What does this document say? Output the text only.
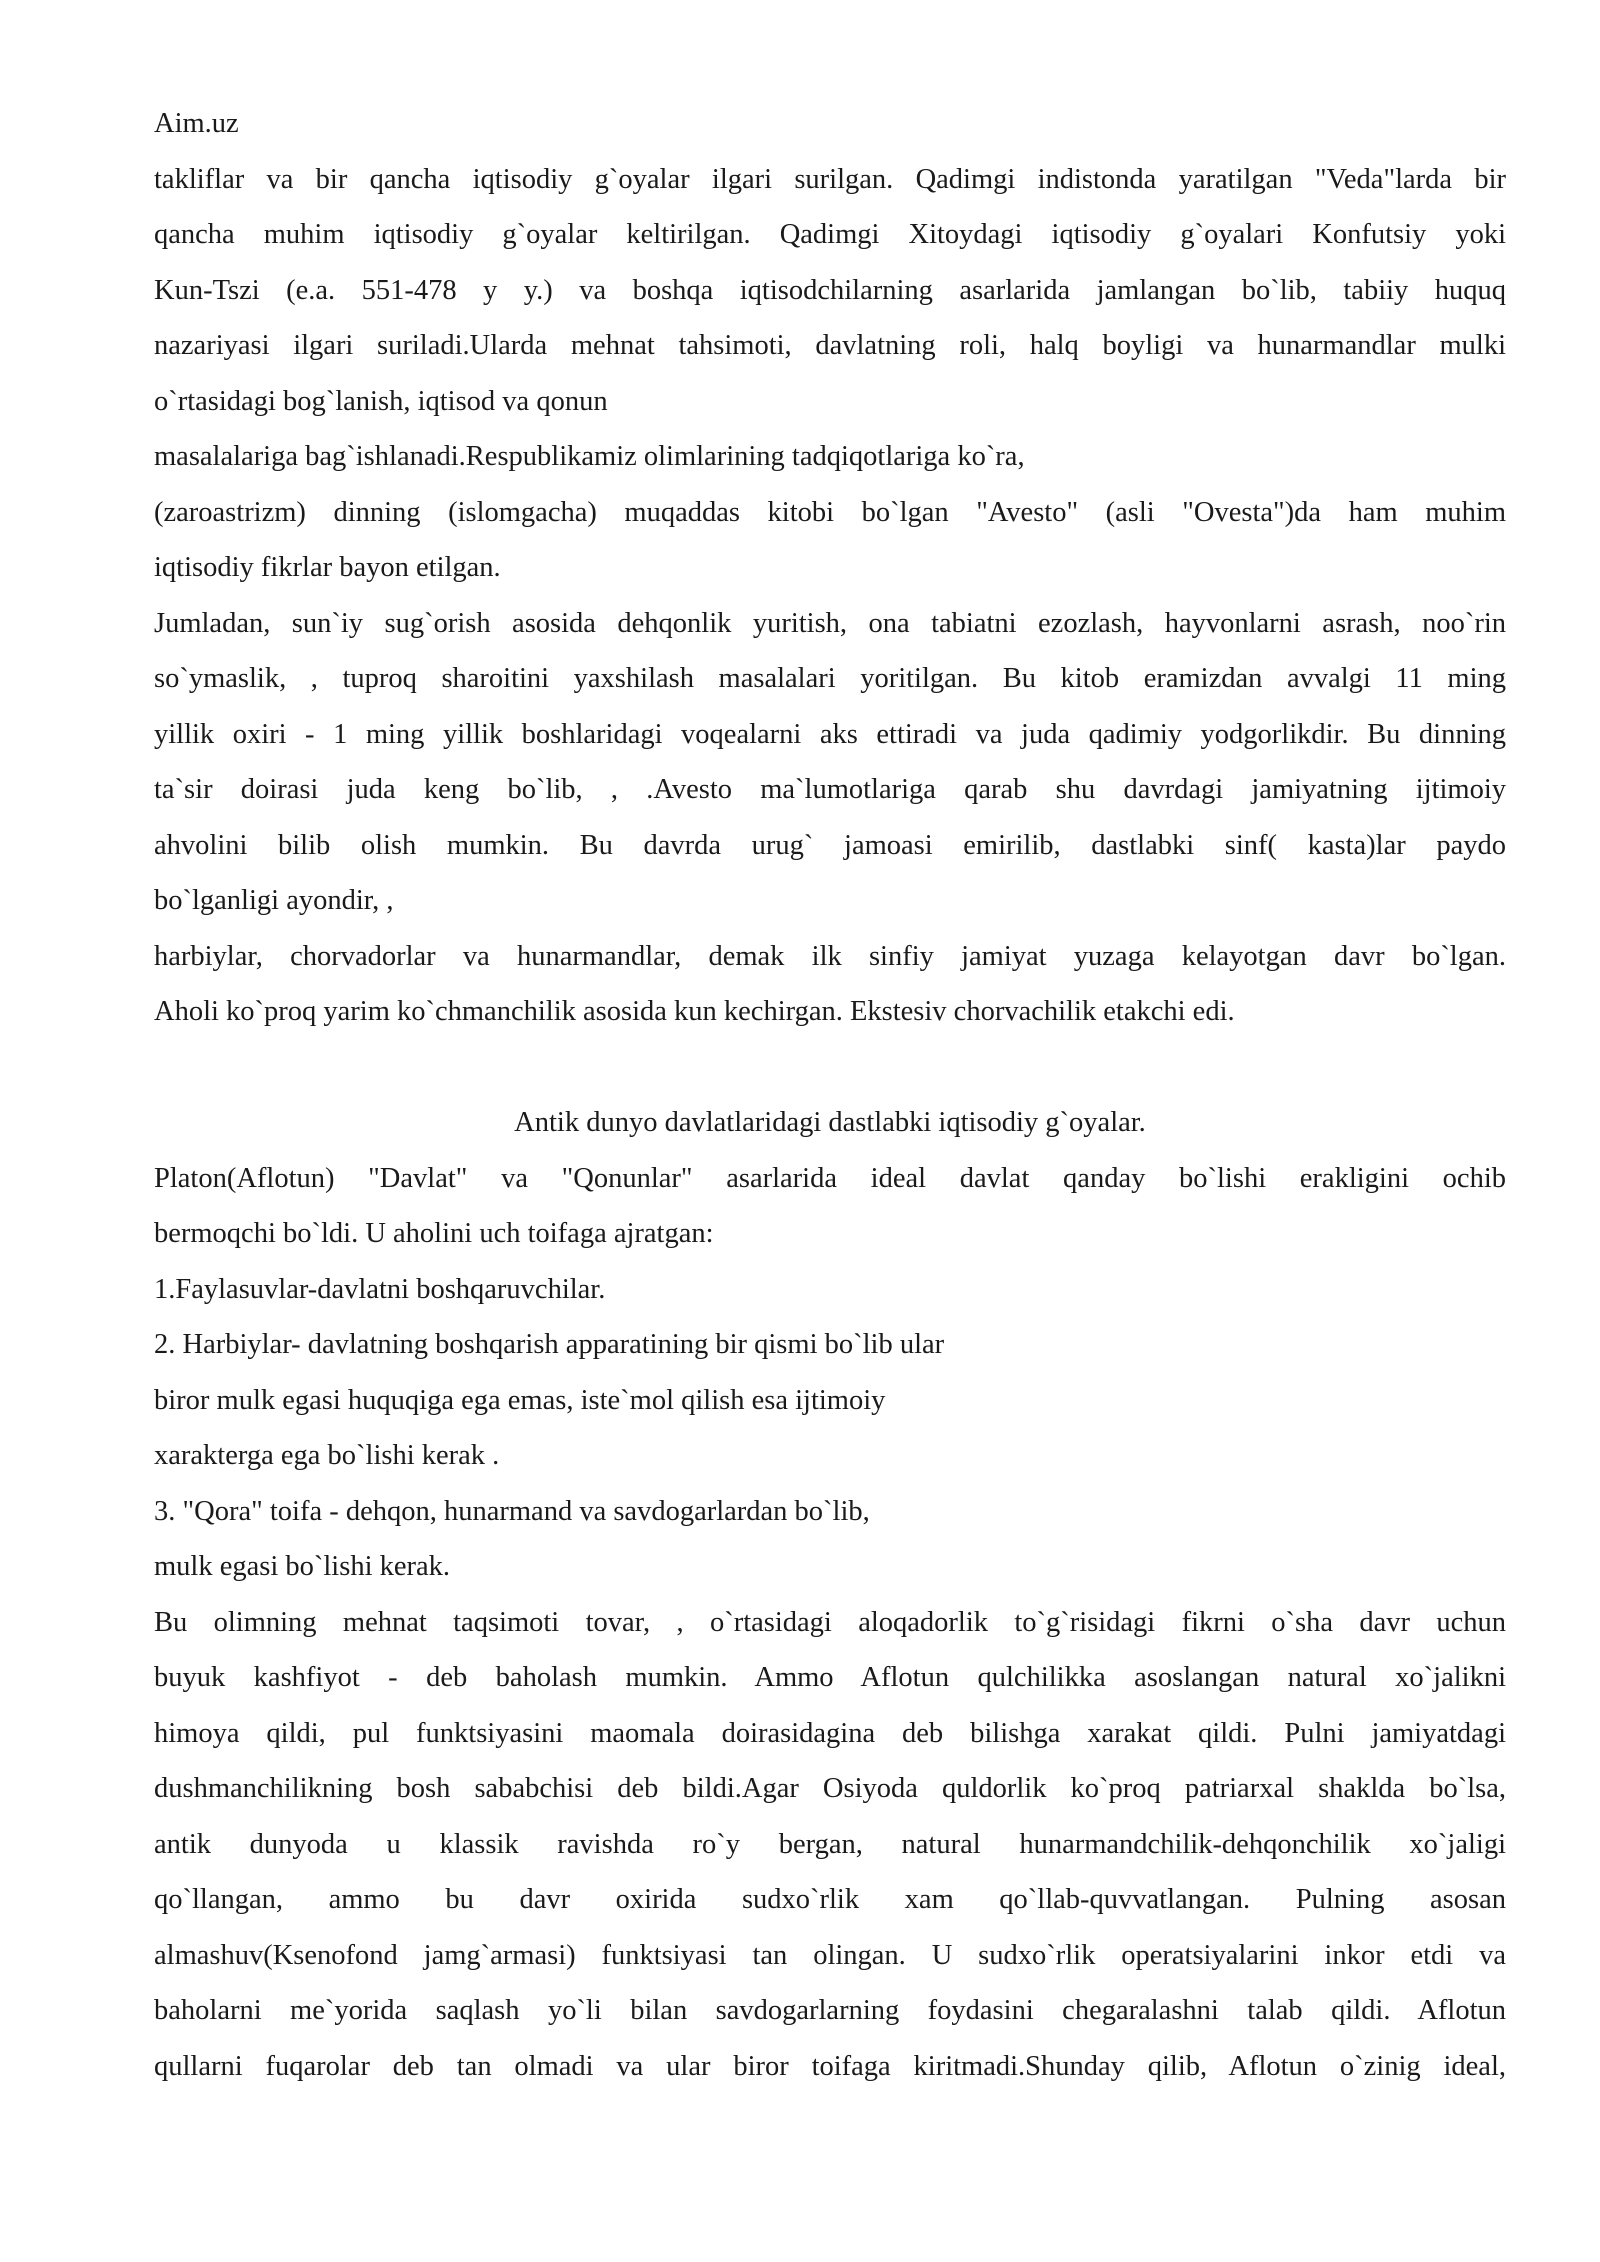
Aim.uz
takliflar va bir qancha iqtisodiy g`oyalar ilgari surilgan. Qadimgi indistonda yaratilgan "Veda"larda bir
qancha muhim iqtisodiy g`oyalar keltirilgan. Qadimgi Xitoydagi iqtisodiy g`oyalari Konfutsiy yoki
Kun-Tszi (e.a. 551-478 y y.) va boshqa iqtisodchilarning asarlarida jamlangan bo`lib, tabiiy huquq
nazariyasi ilgari suriladi.Ularda mehnat tahsimoti, davlatning roli, halq boyligi va hunarmandlar mulki
o`rtasidagi bog`lanish, iqtisod va qonun
masalalariga bag`ishlanadi.Respublikamiz olimlarining tadqiqotlariga ko`ra,
(zaroastrizm) dinning (islomgacha) muqaddas kitobi bo`lgan "Avesto" (asli "Ovesta")da ham muhim
iqtisodiy fikrlar bayon etilgan.
Jumladan, sun`iy sug`orish asosida dehqonlik yuritish, ona tabiatni ezozlash, hayvonlarni asrash, noo`rin
so`ymaslik, , tuproq sharoitini yaxshilash masalalari yoritilgan. Bu kitob eramizdan avvalgi 11 ming
yillik oxiri - 1 ming yillik boshlaridagi voqealarni aks ettiradi va juda qadimiy yodgorlikdir. Bu dinning
ta`sir doirasi juda keng bo`lib, , .Avesto ma`lumotlariga qarab shu davrdagi jamiyatning ijtimoiy
ahvolini bilib olish mumkin. Bu davrda urug` jamoasi emirilib, dastlabki sinf( kasta)lar paydo
bo`lganligi ayondir, ,
harbiylar, chorvadorlar va hunarmandlar, demak ilk sinfiy jamiyat yuzaga kelayotgan davr bo`lgan.
Aholi ko`proq yarim ko`chmanchilik asosida kun kechirgan. Ekstesiv chorvachilik etakchi edi.
Antik dunyo davlatlaridagi dastlabki iqtisodiy g`oyalar.
Platon(Aflotun) "Davlat" va "Qonunlar" asarlarida ideal davlat qanday bo`lishi erakligini ochib
bermoqchi bo`ldi. U aholini uch toifaga ajratgan:
1.Faylasuvlar-davlatni boshqaruvchilar.
2. Harbiylar- davlatning boshqarish apparatining bir qismi bo`lib ular
biror mulk egasi huquqiga ega emas, iste`mol qilish esa ijtimoiy
xarakterga ega bo`lishi kerak .
3. "Qora" toifa - dehqon, hunarmand va savdogarlardan bo`lib,
mulk egasi bo`lishi kerak.
Bu olimning mehnat taqsimoti tovar, , o`rtasidagi aloqadorlik to`g`risidagi fikrni o`sha davr uchun
buyuk kashfiyot - deb baholash mumkin. Ammo Aflotun qulchilikka asoslangan natural xo`jalikni
himoya qildi, pul funktsiyasini maomala doirasidagina deb bilishga xarakat qildi. Pulni jamiyatdagi
dushmanchilikning bosh sababchisi deb bildi.Agar Osiyoda quldorlik ko`proq patriarxal shaklda bo`lsa,
antik dunyoda u klassik ravishda ro`y bergan, natural hunarmandchilik-dehqonchilik xo`jaligi
qo`llangan, ammo bu davr oxirida sudxo`rlik xam qo`llab-quvvatlangan. Pulning asosan
almashuv(Ksenofond jamg`armasi) funktsiyasi tan olingan. U sudxo`rlik operatsiyalarini inkor etdi va
baholarni me`yorida saqlash yo`li bilan savdogarlarning foydasini chegaralashni talab qildi. Aflotun
qullarni fuqarolar deb tan olmadi va ular biror toifaga kiritmadi.Shunday qilib, Aflotun o`zinig ideal,
